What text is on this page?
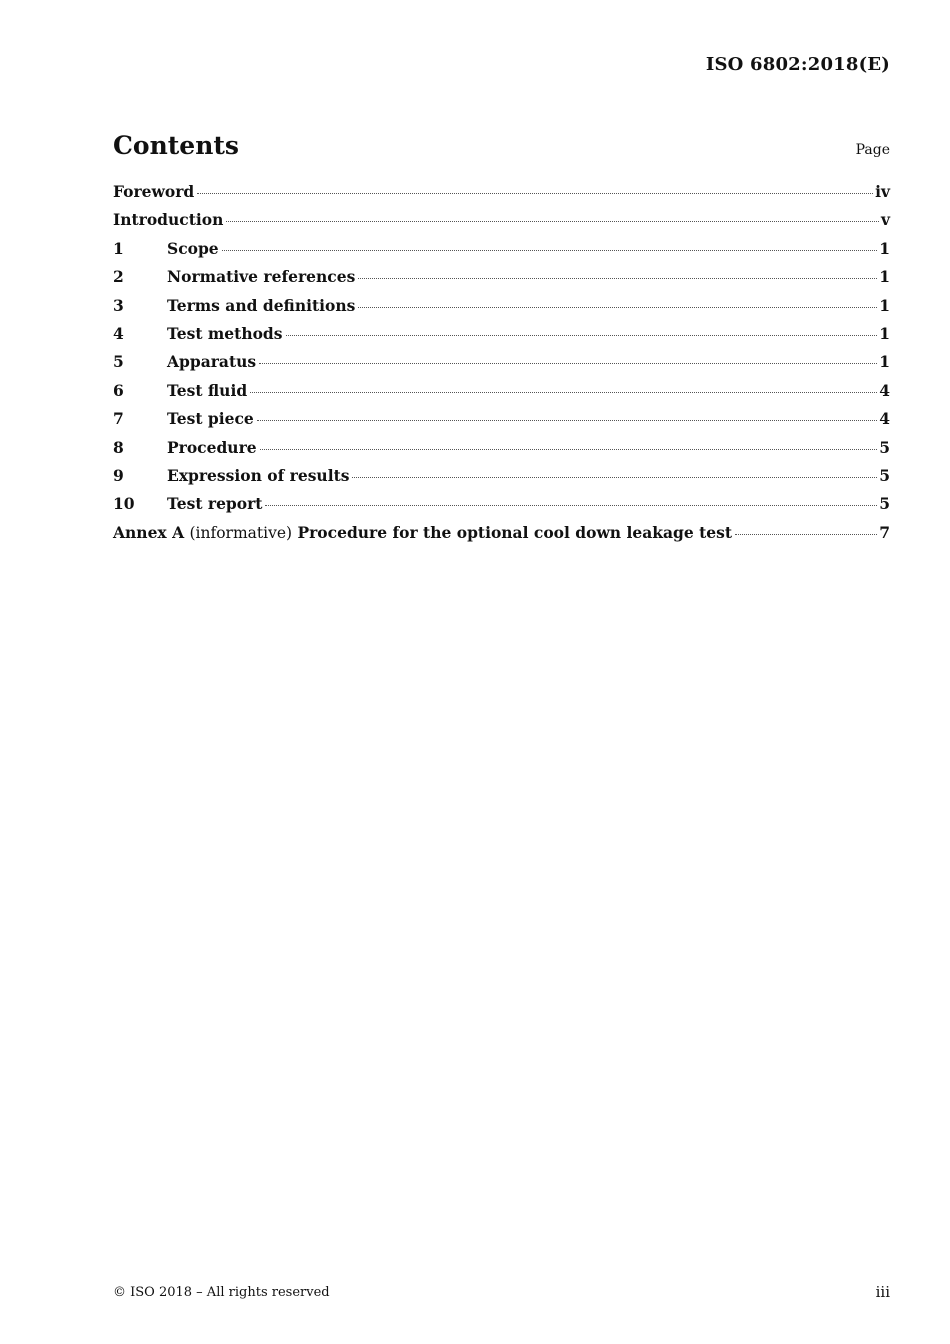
ISO 6802:2018(E)
Contents	Page
Foreword	iv
Introduction	v
1	Scope	1
2	Normative references	1
3	Terms and definitions	1
4	Test methods	1
5	Apparatus	1
6	Test fluid	4
7	Test piece	4
8	Procedure	5
9	Expression of results	5
10	Test report	5
Annex A (informative) Procedure for the optional cool down leakage test	7
© ISO 2018 – All rights reserved	iii
